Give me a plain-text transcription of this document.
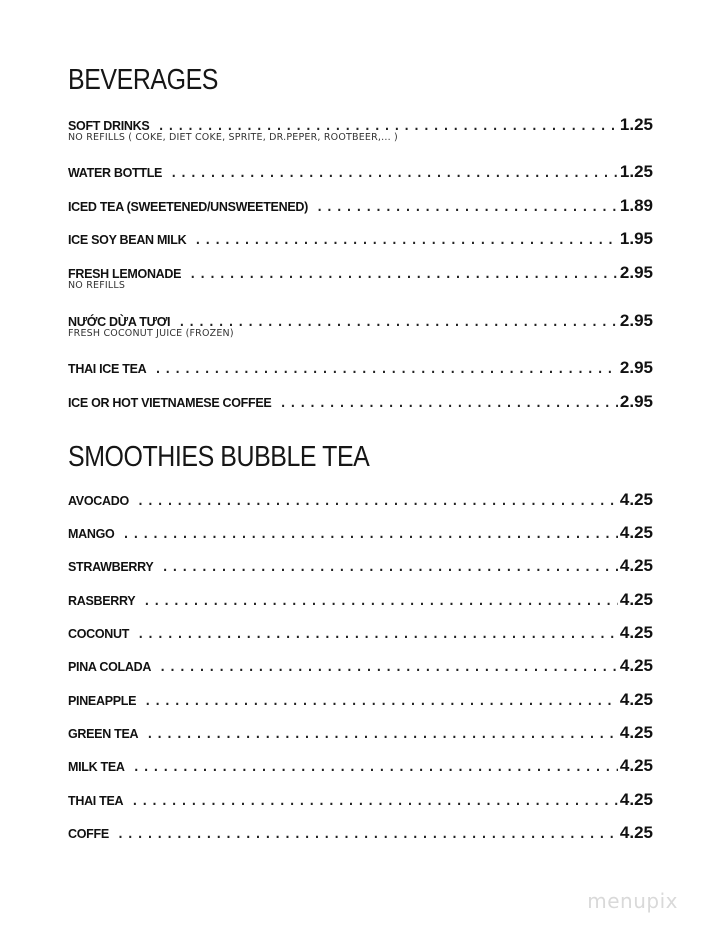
BEVERAGES
SOFT DRINKS .....	1.25
NO REFILLS ( COKE, DIET COKE, SPRITE, DR.PEPER, ROOTBEER,... )
WATER BOTTLE .....	1.25
ICED TEA (SWEETENED/UNSWEETENED) .....	1.89
ICE SOY BEAN MILK .....	1.95
FRESH LEMONADE .....	2.95
NO REFILLS
NƯỚC DỪA TƯƠI .....	2.95
FRESH COCONUT JUICE (FROZEN)
THAI ICE TEA .....	2.95
ICE OR HOT VIETNAMESE COFFEE .....	2.95
SMOOTHIES BUBBLE TEA
AVOCADO .....	4.25
MANGO .....	4.25
STRAWBERRY .....	4.25
RASBERRY .....	4.25
COCONUT .....	4.25
PINA COLADA .....	4.25
PINEAPPLE .....	4.25
GREEN TEA .....	4.25
MILK TEA .....	4.25
THAI TEA .....	4.25
COFFE .....	4.25
menupix
